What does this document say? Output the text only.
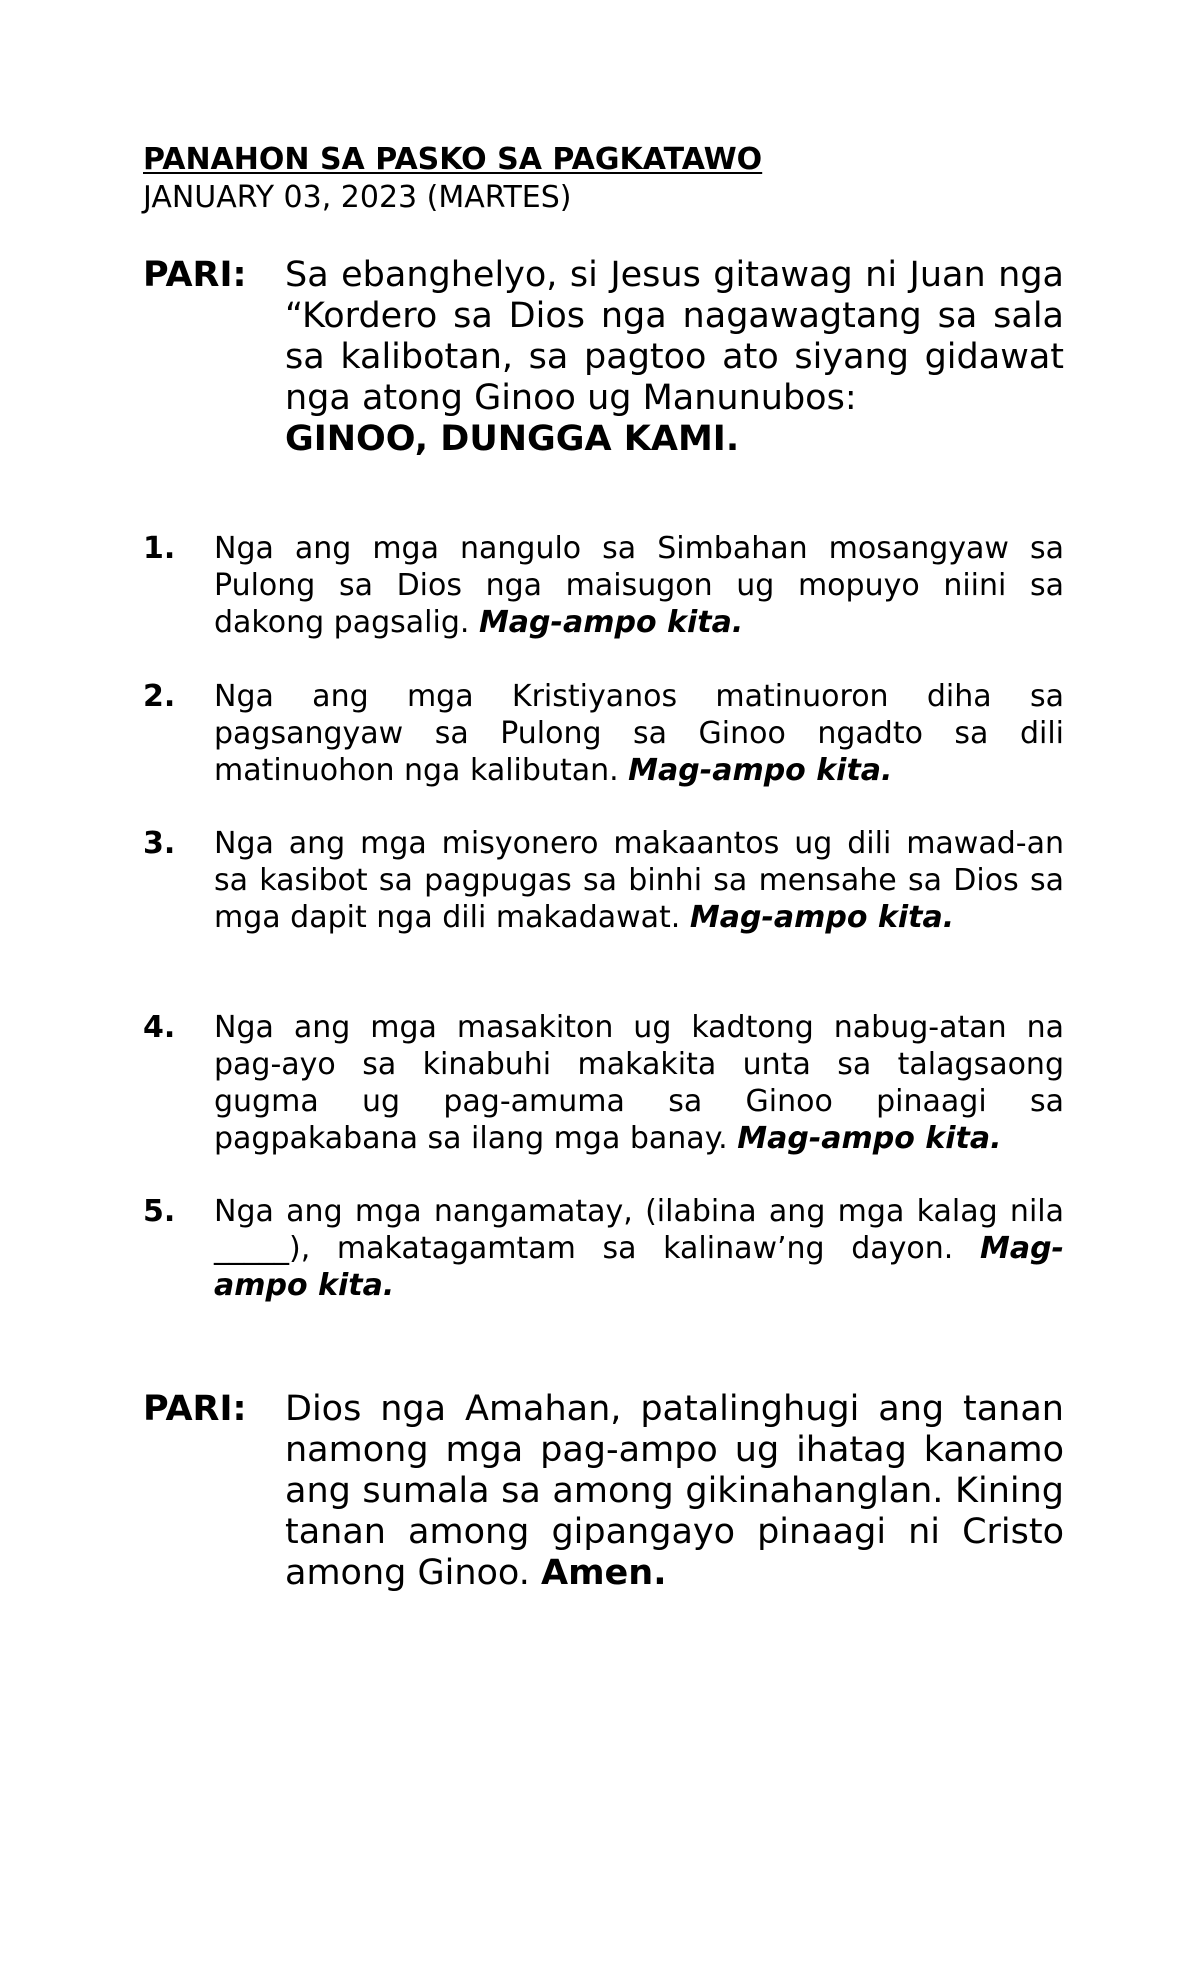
PANAHON SA PASKO SA PAGKATAWO
JANUARY 03, 2023 (MARTES)
PARI: Sa ebanghelyo, si Jesus gitawag ni Juan nga “Kordero sa Dios nga nagawagtang sa sala sa kalibotan, sa pagtoo ato siyang gidawat nga atong Ginoo ug Manunubos:
GINOO, DUNGGA KAMI.
1. Nga ang mga nangulo sa Simbahan mosangyaw sa Pulong sa Dios nga maisugon ug mopuyo niini sa dakong pagsalig. Mag-ampo kita.
2. Nga ang mga Kristiyanos matinuoron diha sa pagsangyaw sa Pulong sa Ginoo ngadto sa dili matinuohon nga kalibutan. Mag-ampo kita.
3. Nga ang mga misyonero makaantos ug dili mawad-an sa kasibot sa pagpugas sa binhi sa mensahe sa Dios sa mga dapit nga dili makadawat. Mag-ampo kita.
4. Nga ang mga masakiton ug kadtong nabug-atan na pag-ayo sa kinabuhi makakita unta sa talagsaong gugma ug pag-amuma sa Ginoo pinaagi sa pagpakabana sa ilang mga banay. Mag-ampo kita.
5. Nga ang mga nangamatay, (ilabina ang mga kalag nila _____), makatagamtam sa kalinaw’ng dayon. Mag-ampo kita.
PARI: Dios nga Amahan, patalinghugi ang tanan namong mga pag-ampo ug ihatag kanamo ang sumala sa among gikinahanglan. Kining tanan among gipangayo pinaagi ni Cristo among Ginoo. Amen.
